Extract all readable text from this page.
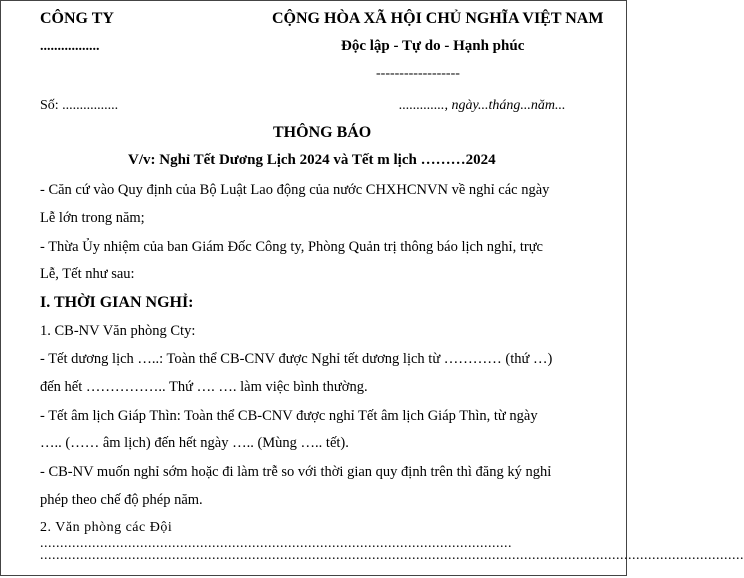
CÔNG TY
.................
CỘNG HÒA XÃ HỘI CHỦ NGHĨA VIỆT NAM
Độc lập - Tự do - Hạnh phúc
------------------
Số: ................	............., ngày...tháng...năm...
THÔNG BÁO
V/v: Nghỉ Tết Dương Lịch 2024 và Tết m lịch ………2024
- Căn cứ vào Quy định của Bộ Luật Lao động của nước CHXHCNVN về nghỉ các ngày
Lễ lớn trong năm;
- Thừa Ủy nhiệm của ban Giám Đốc Công ty, Phòng Quản trị thông báo lịch nghỉ, trực
Lễ, Tết như sau:
I. THỜI GIAN NGHỈ:
1. CB-NV Văn phòng Cty:
- Tết dương lịch …..: Toàn thể CB-CNV được Nghỉ tết dương lịch từ ………… (thứ …)
đến hết …………….. Thứ …. …. làm việc bình thường.
- Tết âm lịch Giáp Thìn: Toàn thể CB-CNV được nghỉ Tết âm lịch Giáp Thìn, từ ngày
….. (…… âm lịch) đến hết ngày ….. (Mùng ….. tết).
- CB-NV muốn nghỉ sớm hoặc đi làm trễ so với thời gian quy định trên thì đăng ký nghỉ
phép theo chế độ phép năm.
2. Văn phòng các Đội ......................................................................................................................
................................................................................................................................................................................
